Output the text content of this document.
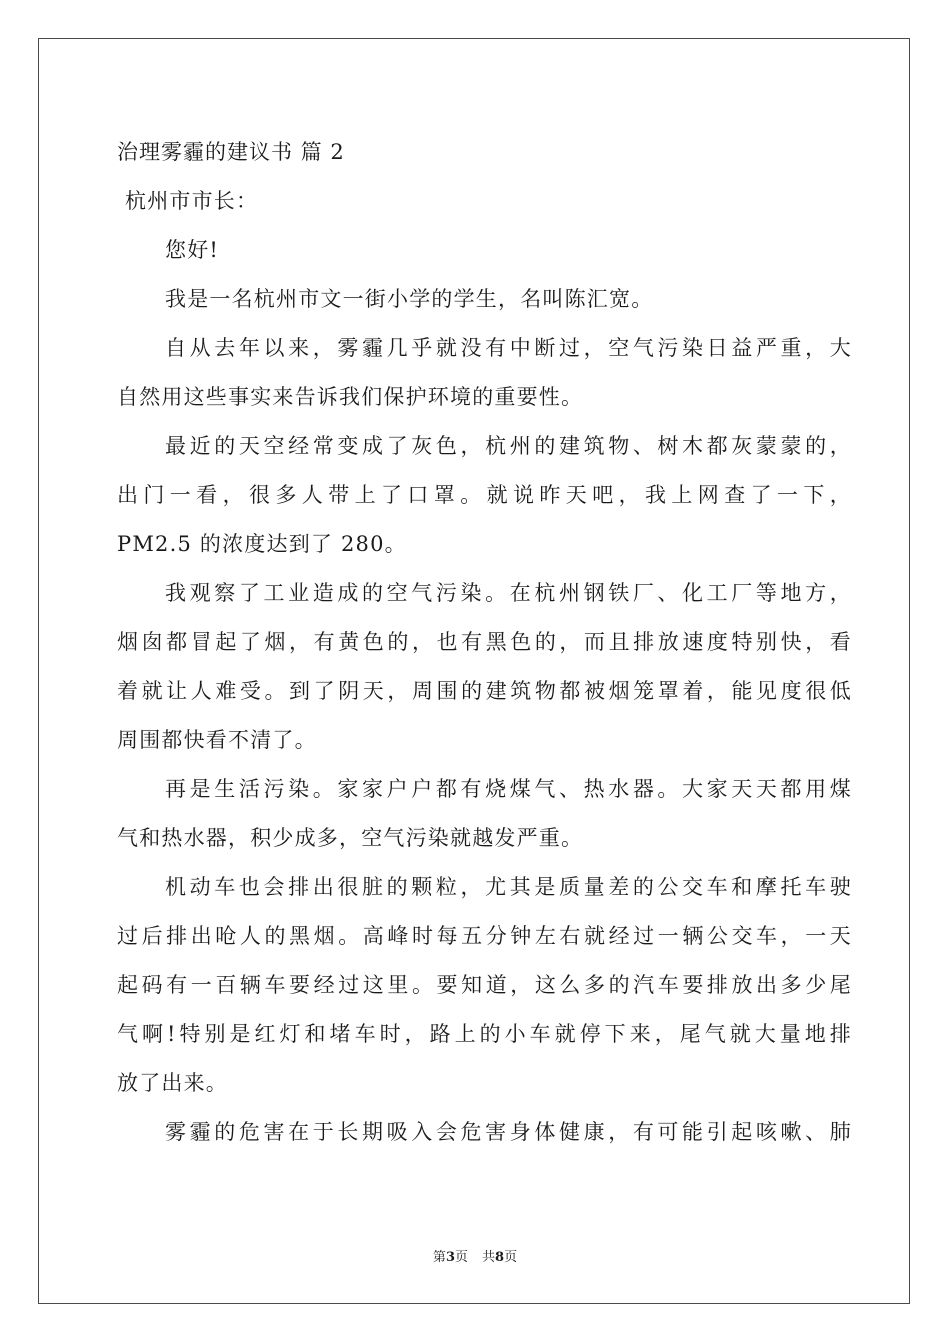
治理雾霾的建议书 篇 2
杭州市市长：
您好!
我是一名杭州市文一街小学的学生，名叫陈汇宽。
自从去年以来，雾霾几乎就没有中断过，空气污染日益严重，大
自然用这些事实来告诉我们保护环境的重要性。
最近的天空经常变成了灰色，杭州的建筑物、树木都灰蒙蒙的，
出门一看，很多人带上了口罩。就说昨天吧，我上网查了一下，
PM2.5 的浓度达到了 280。
我观察了工业造成的空气污染。在杭州钢铁厂、化工厂等地方，
烟囱都冒起了烟，有黄色的，也有黑色的，而且排放速度特别快，看
着就让人难受。到了阴天，周围的建筑物都被烟笼罩着，能见度很低
周围都快看不清了。
再是生活污染。家家户户都有烧煤气、热水器。大家天天都用煤
气和热水器，积少成多，空气污染就越发严重。
机动车也会排出很脏的颗粒，尤其是质量差的公交车和摩托车驶
过后排出呛人的黑烟。高峰时每五分钟左右就经过一辆公交车，一天
起码有一百辆车要经过这里。要知道，这么多的汽车要排放出多少尾
气啊!特别是红灯和堵车时，路上的小车就停下来，尾气就大量地排
放了出来。
雾霾的危害在于长期吸入会危害身体健康，有可能引起咳嗽、肺
第3页 共8页
